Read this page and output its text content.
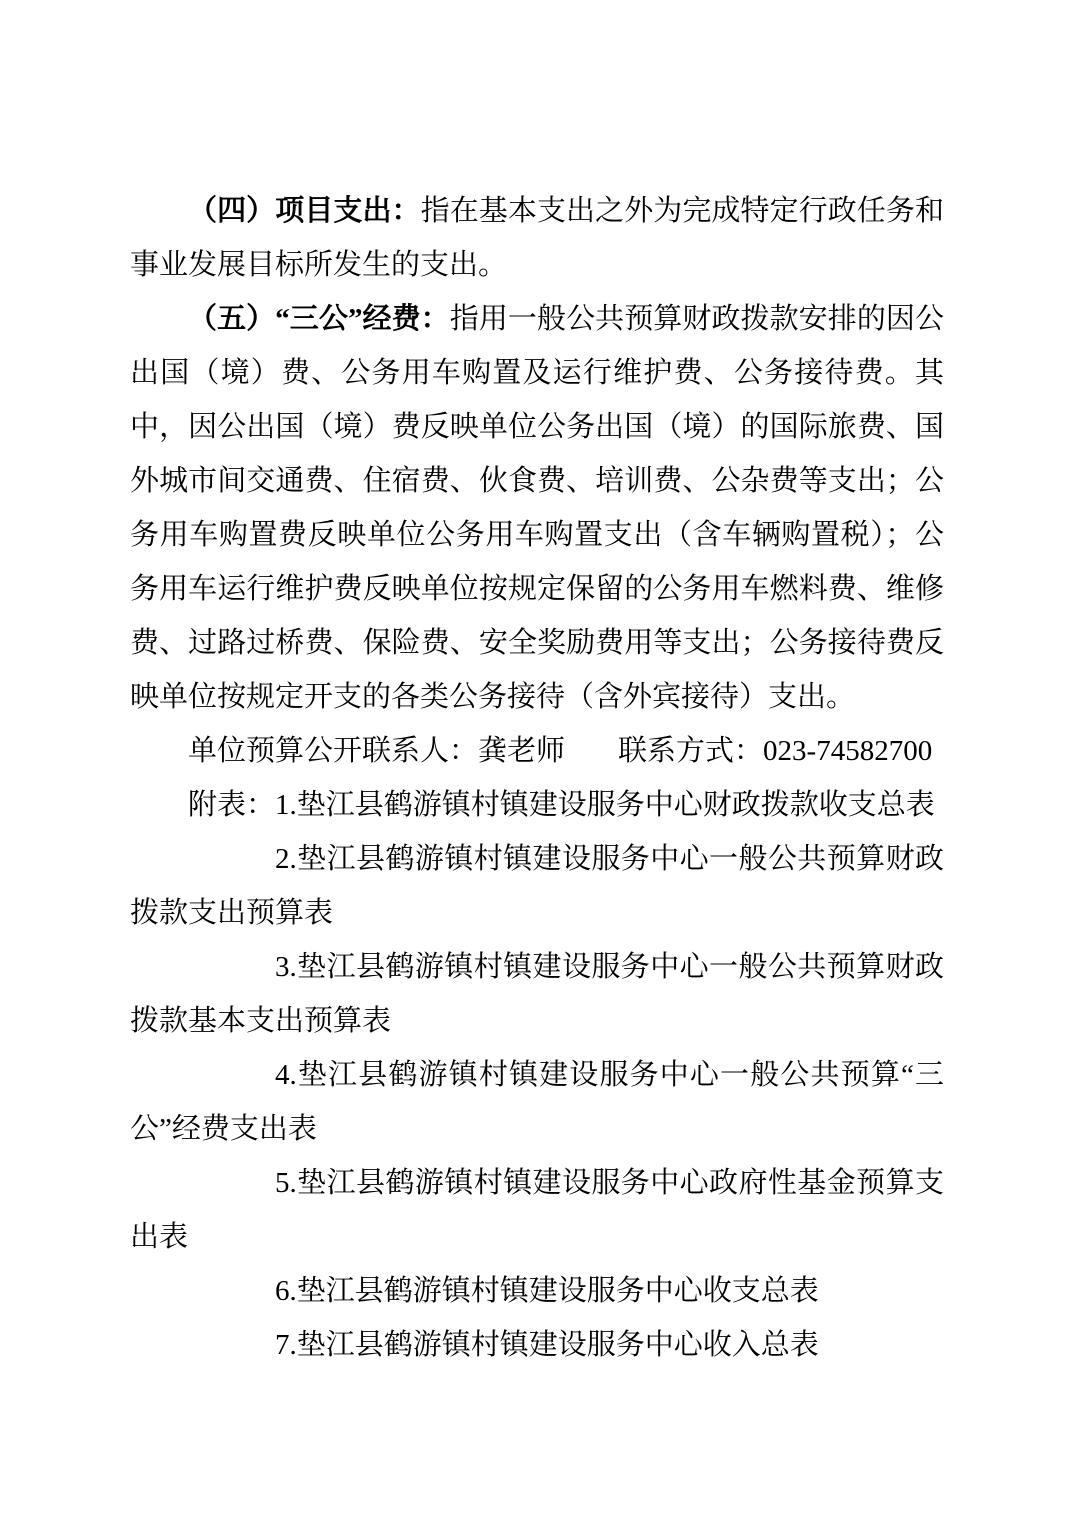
（四）项目支出：指在基本支出之外为完成特定行政任务和事业发展目标所发生的支出。

（五）“三公”经费：指用一般公共预算财政拨款安排的因公出国（境）费、公务用车购置及运行维护费、公务接待费。其中，因公出国（境）费反映单位公务出国（境）的国际旅费、国外城市间交通费、住宿费、伙食费、培训费、公杂费等支出；公务用车购置费反映单位公务用车购置支出（含车辆购置税）；公务用车运行维护费反映单位按规定保留的公务用车燃料费、维修费、过路过桥费、保险费、安全奖励费用等支出；公务接待费反映单位按规定开支的各类公务接待（含外宾接待）支出。

单位预算公开联系人：龚老师 联系方式：023-74582700

附表：1.垫江县鹤游镇村镇建设服务中心财政拨款收支总表

2.垫江县鹤游镇村镇建设服务中心一般公共预算财政拨款支出预算表

3.垫江县鹤游镇村镇建设服务中心一般公共预算财政拨款基本支出预算表

4.垫江县鹤游镇村镇建设服务中心一般公共预算“三公”经费支出表

5.垫江县鹤游镇村镇建设服务中心政府性基金预算支出表

6.垫江县鹤游镇村镇建设服务中心收支总表

7.垫江县鹤游镇村镇建设服务中心收入总表
